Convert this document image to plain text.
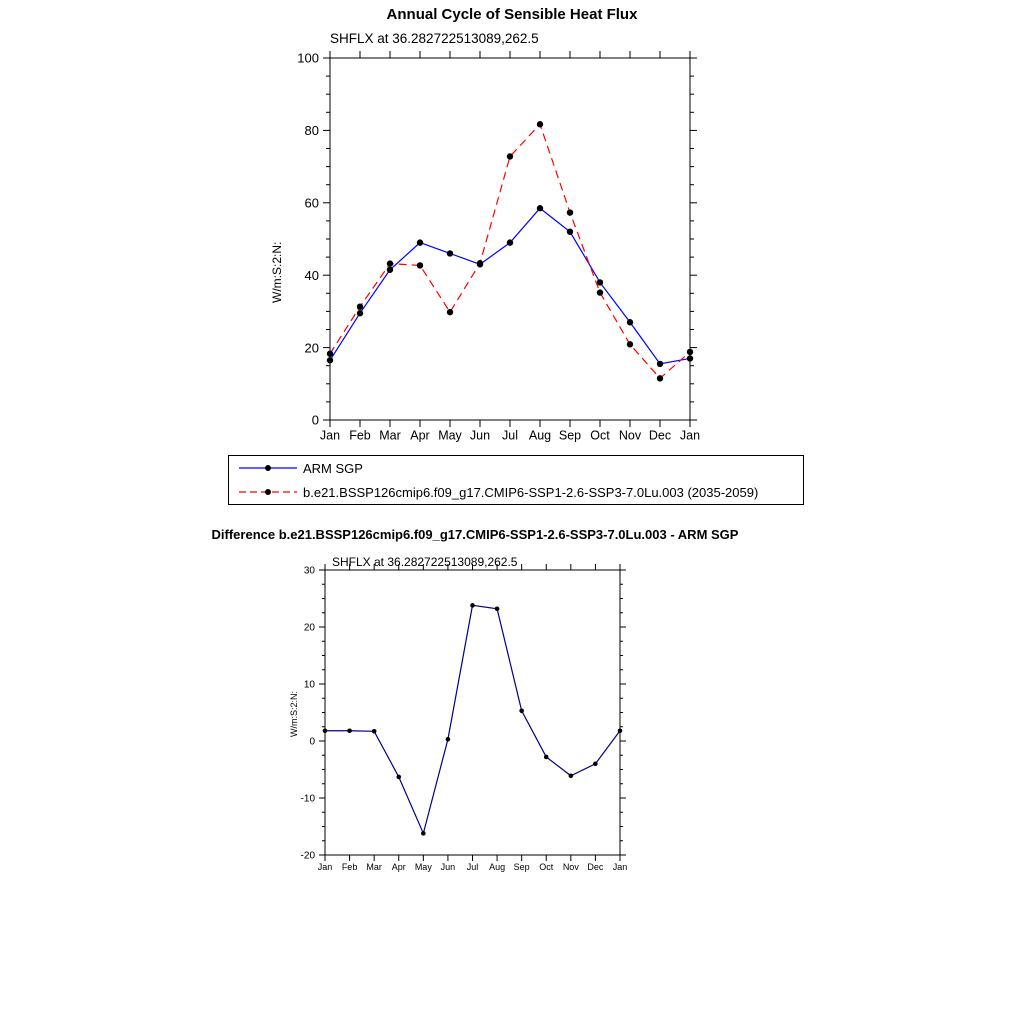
Annual Cycle of Sensible Heat Flux
SHFLX at 36.282722513089,262.5
W/m:S:2:N:
0
20
40
60
80
100
Jan Feb Mar Apr May Jun Jul Aug Sep Oct Nov Dec Jan
ARM SGP
b.e21.BSSP126cmip6.f09_g17.CMIP6-SSP1-2.6-SSP3-7.0Lu.003 (2035-2059)
Difference b.e21.BSSP126cmip6.f09_g17.CMIP6-SSP1-2.6-SSP3-7.0Lu.003 - ARM SGP
SHFLX at 36.282722513089,262.5
W/m:S:2:N:
-20
-10
0
10
20
30
Jan Feb Mar Apr May Jun Jul Aug Sep Oct Nov Dec Jan
